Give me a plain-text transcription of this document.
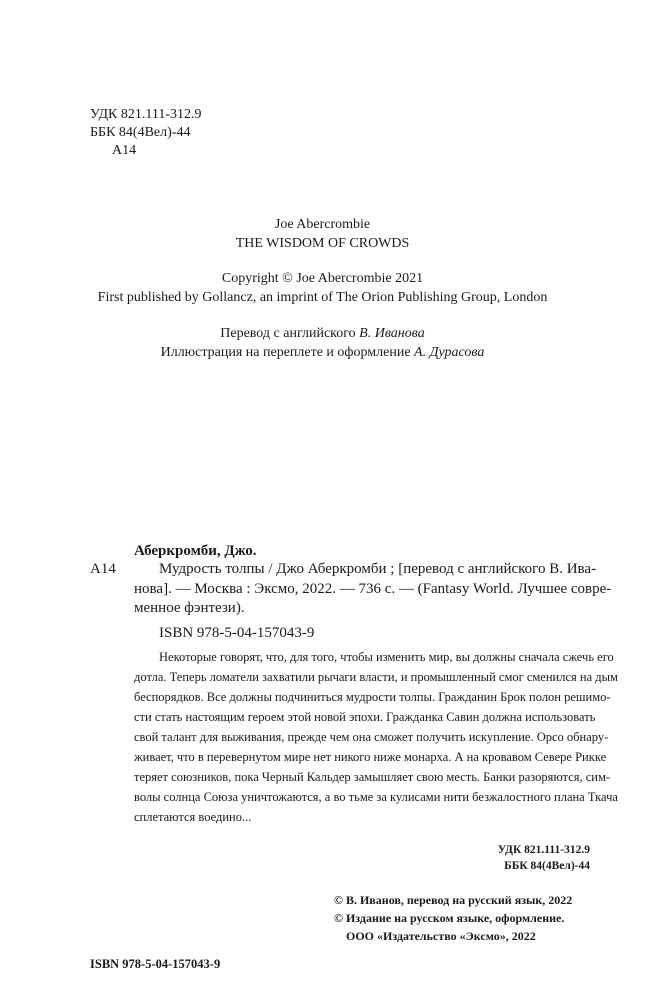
УДК 821.111-312.9
ББК 84(4Вел)-44
А14
Joe Abercrombie
THE WISDOM OF CROWDS
Copyright © Joe Abercrombie 2021
First published by Gollancz, an imprint of The Orion Publishing Group, London
Перевод с английского В. Иванова
Иллюстрация на переплете и оформление А. Дурасова
Аберкромби, Джо.
А14	Мудрость толпы / Джо Аберкромби ; [перевод с английского В. Ива-
нова]. — Москва : Эксмо, 2022. — 736 с. — (Fantasy World. Лучшее совре-
менное фэнтези).
ISBN 978-5-04-157043-9
Некоторые говорят, что, для того, чтобы изменить мир, вы должны сначала сжечь его
дотла. Теперь ломатели захватили рычаги власти, и промышленный смог сменился на дым
беспорядков. Все должны подчиниться мудрости толпы. Гражданин Брок полон решимо-
сти стать настоящим героем этой новой эпохи. Гражданка Савин должна использовать
свой талант для выживания, прежде чем она сможет получить искупление. Орсо обнару-
живает, что в перевернутом мире нет никого ниже монарха. А на кровавом Севере Рикке
теряет союзников, пока Черный Кальдер замышляет свою месть. Банки разоряются, сим-
волы солнца Союза уничтожаются, а во тьме за кулисами нити безжалостного плана Ткача
сплетаются воедино...
УДК 821.111-312.9
ББК 84(4Вел)-44
© В. Иванов, перевод на русский язык, 2022
© Издание на русском языке, оформление.
ООО «Издательство «Эксмо», 2022
ISBN 978-5-04-157043-9
